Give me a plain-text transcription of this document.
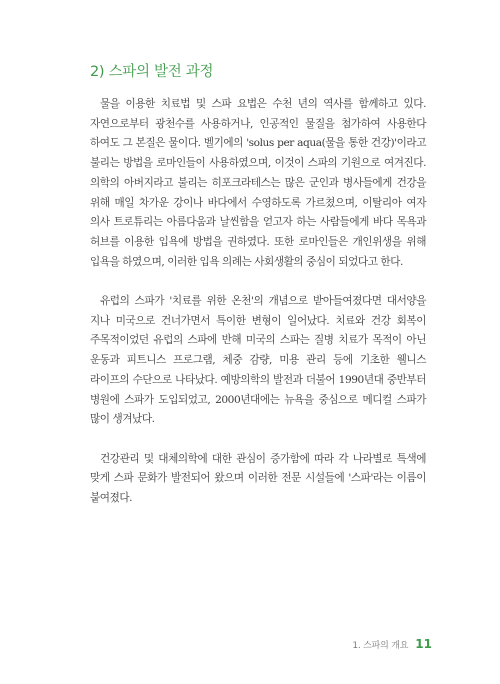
2) 스파의 발전 과정

물을 이용한 치료법 및 스파 요법은 수천 년의 역사를 함께하고 있다. 자연으로부터 광천수를 사용하거나, 인공적인 물질을 첨가하여 사용한다 하여도 그 본질은 물이다. 벨기에의 'solus per aqua(물을 통한 건강)'이라고 불리는 방법을 로마인들이 사용하였으며, 이것이 스파의 기원으로 여겨진다. 의학의 아버지라고 불리는 히포크라테스는 많은 군인과 병사들에게 건강을 위해 매일 차가운 강이나 바다에서 수영하도록 가르쳤으며, 이탈리아 여자 의사 트로튜리는 아름다움과 날씬함을 얻고자 하는 사람들에게 바다 목욕과 허브를 이용한 입욕에 방법을 권하였다. 또한 로마인들은 개인위생을 위해 입욕을 하였으며, 이러한 입욕 의례는 사회생활의 중심이 되었다고 한다.

유럽의 스파가 '치료를 위한 온천'의 개념으로 받아들여졌다면 대서양을 지나 미국으로 건너가면서 특이한 변형이 일어났다. 치료와 건강 회복이 주목적이었던 유럽의 스파에 반해 미국의 스파는 질병 치료가 목적이 아닌 운동과 피트니스 프로그램, 체중 감량, 미용 관리 등에 기초한 웰니스 라이프의 수단으로 나타났다. 예방의학의 발전과 더불어 1990년대 중반부터 병원에 스파가 도입되었고, 2000년대에는 뉴욕을 중심으로 메디컬 스파가 많이 생겨났다.

건강관리 및 대체의학에 대한 관심이 증가함에 따라 각 나라별로 특색에 맞게 스파 문화가 발전되어 왔으며 이러한 전문 시설들에 '스파'라는 이름이 붙여졌다.

1. 스파의 개요 11
